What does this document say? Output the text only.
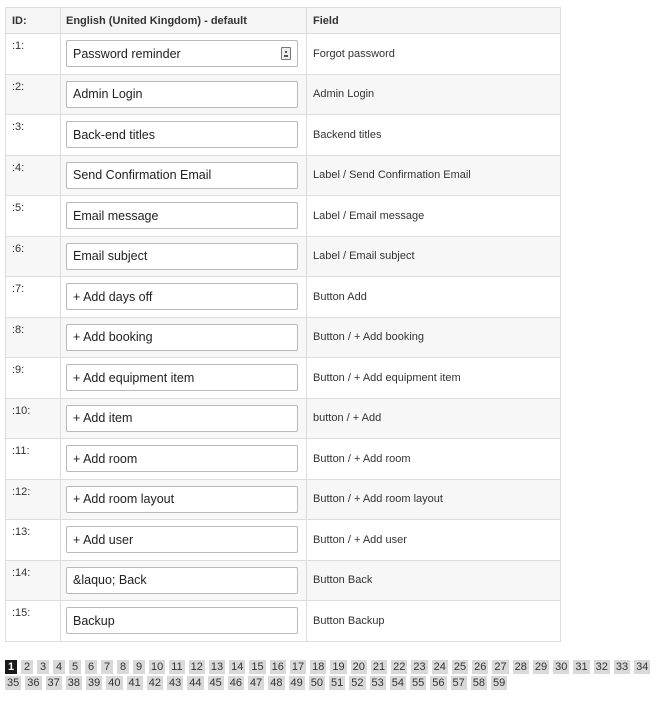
ID:	English (United Kingdom) - default	Field
:1:
Password reminder
Forgot password
:2:
Admin Login
Admin Login
:3:
Back-end titles
Backend titles
:4:
Send Confirmation Email
Label / Send Confirmation Email
:5:
Email message
Label / Email message
:6:
Email subject
Label / Email subject
:7:
+ Add days off
Button Add
:8:
+ Add booking
Button / + Add booking
:9:
+ Add equipment item
Button / + Add equipment item
:10:
+ Add item
button / + Add
:11:
+ Add room
Button / + Add room
:12:
+ Add room layout
Button / + Add room layout
:13:
+ Add user
Button / + Add user
:14:
&laquo; Back
Button Back
:15:
Backup
Button Backup
1 2 3 4 5 6 7 8 9 10 11 12 13 14 15 16 17 18 19 20 21 22 23 24 25 26 27 28 29 30 31 32 33 34
35 36 37 38 39 40 41 42 43 44 45 46 47 48 49 50 51 52 53 54 55 56 57 58 59
